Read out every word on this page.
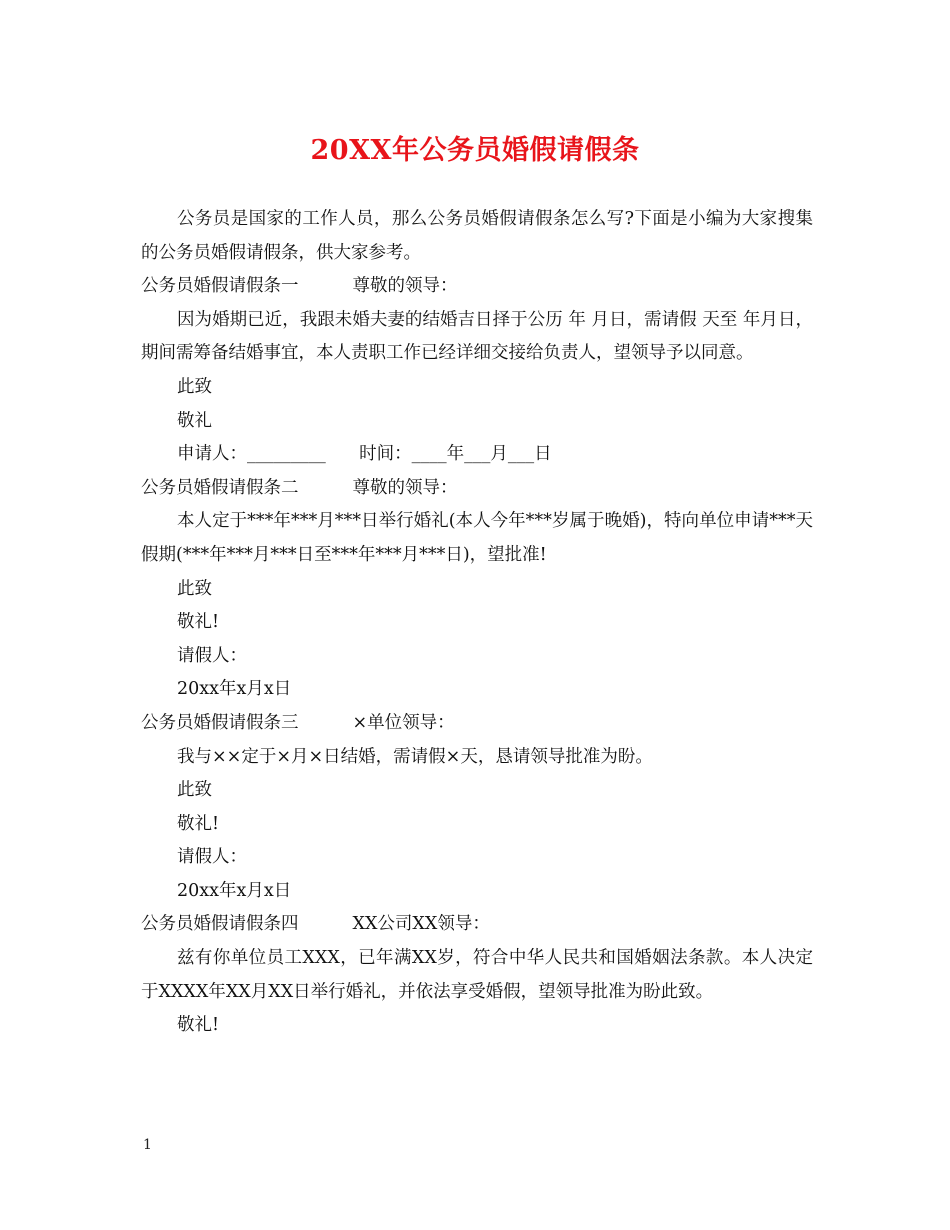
20XX年公务员婚假请假条

公务员是国家的工作人员，那么公务员婚假请假条怎么写?下面是小编为大家搜集的公务员婚假请假条，供大家参考。

公务员婚假请假条一	尊敬的领导：

因为婚期已近，我跟未婚夫妻的结婚吉日择于公历 年 月日，需请假 天至 年月日，期间需筹备结婚事宜，本人责职工作已经详细交接给负责人，望领导予以同意。

此致

敬礼

申请人：_________      时间：____年___月___日

公务员婚假请假条二	尊敬的领导：

本人定于***年***月***日举行婚礼(本人今年***岁属于晚婚)，特向单位申请***天假期(***年***月***日至***年***月***日)，望批准!

此致

敬礼!

请假人：

20xx年x月x日

公务员婚假请假条三	×单位领导：

我与××定于×月×日结婚，需请假×天，恳请领导批准为盼。

此致

敬礼!

请假人：

20xx年x月x日

公务员婚假请假条四	XX公司XX领导：

兹有你单位员工XXX，已年满XX岁，符合中华人民共和国婚姻法条款。本人决定于XXXX年XX月XX日举行婚礼，并依法享受婚假，望领导批准为盼此致。

敬礼!

1
